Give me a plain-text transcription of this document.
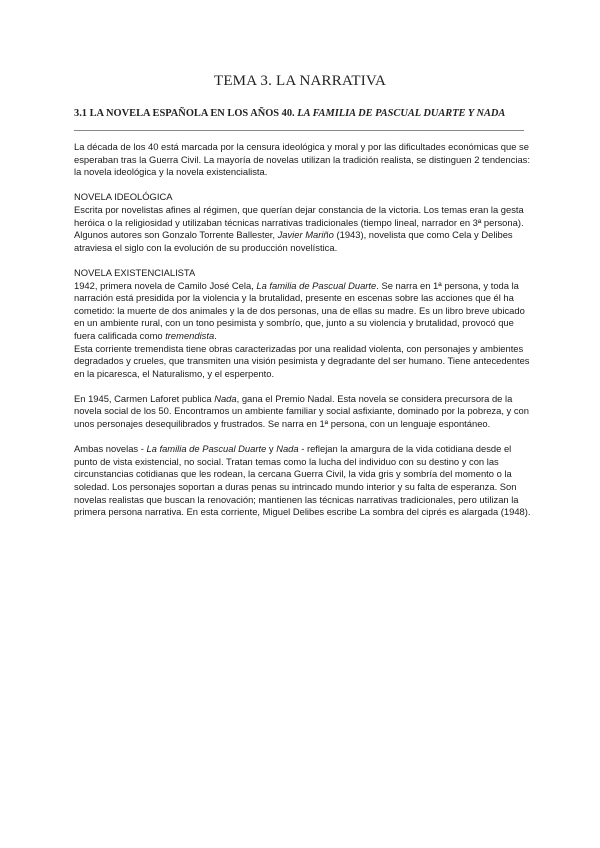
TEMA 3. LA NARRATIVA
3.1 LA NOVELA ESPAÑOLA EN LOS AÑOS 40. LA FAMILIA DE PASCUAL DUARTE Y NADA

La década de los 40 está marcada por la censura ideológica y moral y por las dificultades económicas que se esperaban tras la Guerra Civil. La mayoría de novelas utilizan la tradición realista, se distinguen 2 tendencias: la novela ideológica y la novela existencialista.

NOVELA IDEOLÓGICA

Escrita por novelistas afines al régimen, que querían dejar constancia de la victoria. Los temas eran la gesta heróica o la religiosidad y utilizaban técnicas narrativas tradicionales (tiempo lineal, narrador en 3ª persona). Algunos autores son Gonzalo Torrente Ballester, Javier Mariño (1943), novelista que como Cela y Delibes atraviesa el siglo con la evolución de su producción novelística.

NOVELA EXISTENCIALISTA

1942, primera novela de Camilo José Cela, La familia de Pascual Duarte. Se narra en 1ª persona, y toda la narración está presidida por la violencia y la brutalidad, presente en escenas sobre las acciones que él ha cometido: la muerte de dos animales y la de dos personas, una de ellas su madre. Es un libro breve ubicado en un ambiente rural, con un tono pesimista y sombrío, que, junto a su violencia y brutalidad, provocó que fuera calificada como tremendista.

Esta corriente tremendista tiene obras caracterizadas por una realidad violenta, con personajes y ambientes degradados y crueles, que transmiten una visión pesimista y degradante del ser humano. Tiene antecedentes en la picaresca, el Naturalismo, y el esperpento.

En 1945, Carmen Laforet publica Nada, gana el Premio Nadal. Esta novela se considera precursora de la novela social de los 50. Encontramos un ambiente familiar y social asfixiante, dominado por la pobreza, y con unos personajes desequilibrados y frustrados. Se narra en 1ª persona, con un lenguaje espontáneo.

Ambas novelas - La familia de Pascual Duarte y Nada - reflejan la amargura de la vida cotidiana desde el punto de vista existencial, no social. Tratan temas como la lucha del individuo con su destino y con las circunstancias cotidianas que les rodean, la cercana Guerra Civil, la vida gris y sombría del momento o la soledad. Los personajes soportan a duras penas su intrincado mundo interior y su falta de esperanza. Son novelas realistas que buscan la renovación; mantienen las técnicas narrativas tradicionales, pero utilizan la primera persona narrativa. En esta corriente, Miguel Delibes escribe La sombra del ciprés es alargada (1948).
